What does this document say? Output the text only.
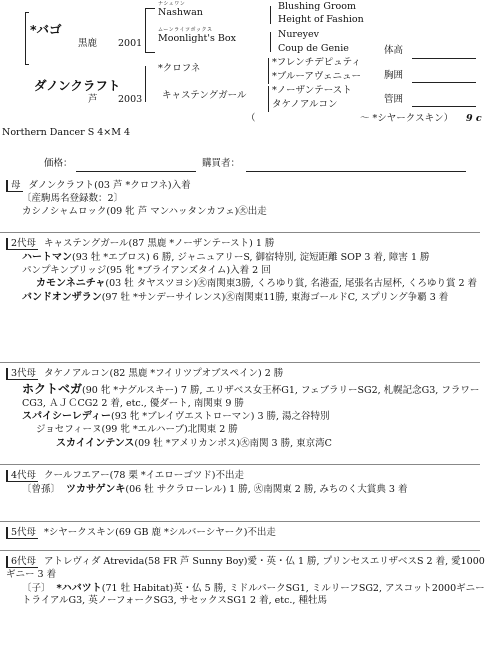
*バゴ
黒鹿 2001
ナシュワン
Nashwan
ムーンライツボックス
Moonlight's Box
Blushing Groom
Height of Fashion
Nureyev
Coup de Genie
ダノンクラフト
芦 2003
*クロフネ
キャステングガール
*フレンチデピュティ
*ブルーアヴェニュー
*ノーザンテースト
タケノアルコン
（　　　　　　　　　　　～ *シヤークスキン） 9 c
体高
胸囲
管囲
Northern Dancer S 4×M 4
価格：	購買者：
母 ダノンクラフト(03 芦 *クロフネ)入着
〔産駒馬名登録数：2〕
カシノシャムロック(09 牝 芦 マンハッタンカフェ)㊋出走
2代母 キャステングガール(87 黒鹿 *ノーザンテースト) 1 勝
ハートマン(93 牡 *エブロス) 6 勝, ジャニュアリーS, 御宿特別, 淀短距離 SOP 3 着, 障害 1 勝
パンプキンブリッジ(95 牝 *ブライアンズタイム)入着 2 回
カモンネニチャ(03 牡 タヤスツヨシ)㊋南関東3勝, くろゆり賞, 名港盃, 尾張名古屋杯, くろゆり賞 2 着
バンドオンザラン(97 牡 *サンデーサイレンス)㊋南関東11勝, 東海ゴールドC, スプリング争覇 3 着
3代母 タケノアルコン(82 黒鹿 *フイリツプオブスペイン) 2 勝
ホクトベガ(90 牝 *ナグルスキー) 7 勝, エリザベス女王杯G1, フェブラリーSG2, 札幌記念G3, フラワーCG3, ＡＪＣCG2 2 着, etc., 優ダート, 南関東 9 勝
スパイシーレディー(93 牝 *ブレイヴエストローマン) 3 勝, 湯之谷特別
ジョセフィーヌ(99 牝 *エルハーブ)北関東 2 勝
スカイインテンス(09 牡 *アメリカンポス)㊋南関 3 勝, 東京湾C
4代母 クールフエアー(78 栗 *イエローゴツド)不出走
〔曾孫〕 ツカサゲンキ(06 牡 サクラローレル) 1 勝, ㊋南関東 2 勝, みちのく大賞典 3 着
5代母 *シヤークスキン(69 GB 鹿 *シルバーシヤーク)不出走
6代母 アトレヴィダ Atrevida(58 FR 芦 Sunny Boy)愛・英・仏 1 勝, プリンセスエリザベスS 2 着, 愛1000ギニー 3 着
〔子〕 *ハバツト(71 牡 Habitat)英・仏 5 勝, ミドルパークSG1, ミルリーフSG2, アスコット2000ギニートライアルG3, 英ノーフォークSG3, サセックスSG1 2 着, etc., 種牡馬
